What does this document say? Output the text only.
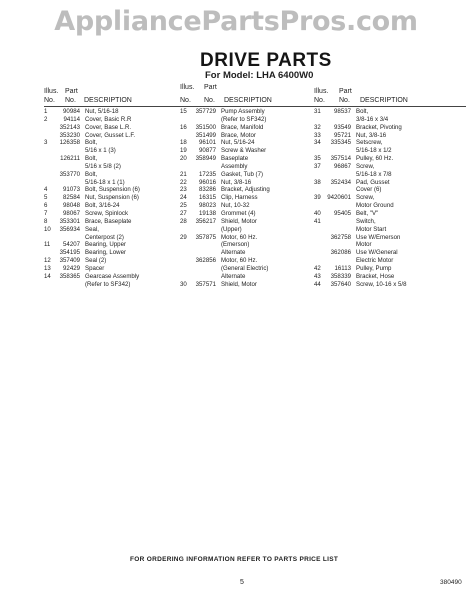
AppliancePartsPros.com
DRIVE PARTS
For Model: LHA 6400W0
Illus. Part
No. No. DESCRIPTION
1	90984 Nut, 5/16-18
2	94114 Cover, Basic R.R
352143 Cover, Base L.R.
353230 Cover, Gusset L.F.
3	126358 Bolt,
5/16 x 1 (3)
126211 Bolt,
5/16 x 5/8 (2)
353770 Bolt,
5/16-18 x 1 (1)
4	91073 Bolt, Suspension (6)
5	82584 Nut, Suspension (6)
6	98048 Bolt, 3/16-24
7	98067 Screw, Spinlock
8	353301 Brace, Baseplate
10	356934 Seal,
Centerpost (2)
11	54207 Bearing, Upper
354195 Bearing, Lower
12	357409 Seal (2)
13	92429 Spacer
14	358365 Gearcase Assembly
(Refer to SF342)
Illus. Part
No. No. DESCRIPTION
15	357729 Pump Assembly
(Refer to SF342)
16	351500 Brace, Manifold
351499 Brace, Motor
18	96101 Nut, 5/16-24
19	90877 Screw & Washer
20	358949 Baseplate
Assembly
21	17235 Gasket, Tub (7)
22	96016 Nut, 3/8-16
23	83286 Bracket, Adjusting
24	16315 Clip, Harness
25	98023 Nut, 10-32
27	19138 Grommet (4)
28	356217 Shield, Motor
(Upper)
29	357875 Motor, 60 Hz.
(Emerson)
Alternate
362856 Motor, 60 Hz.
(General Electric)
Alternate
30	357571 Shield, Motor
Illus. Part
No. No. DESCRIPTION
31	98537 Bolt,
3/8-16 x 3/4
32	93549 Bracket, Pivoting
33	95721 Nut, 3/8-16
34	335345 Setscrew,
5/16-18 x 1/2
35	357514 Pulley, 60 Hz.
37	96867 Screw,
5/16-18 x 7/8
38	352434 Pad, Gusset
Cover (6)
39	9420601 Screw,
Motor Ground
40	95405 Belt, "V"
41	Switch,
Motor Start
362758 Use W/Emerson
Motor
362086 Use W/General
Electric Motor
42	16113 Pulley, Pump
43	358339 Bracket, Hose
44	357640 Screw, 10-16 x 5/8
FOR ORDERING INFORMATION REFER TO PARTS PRICE LIST
5	380490
